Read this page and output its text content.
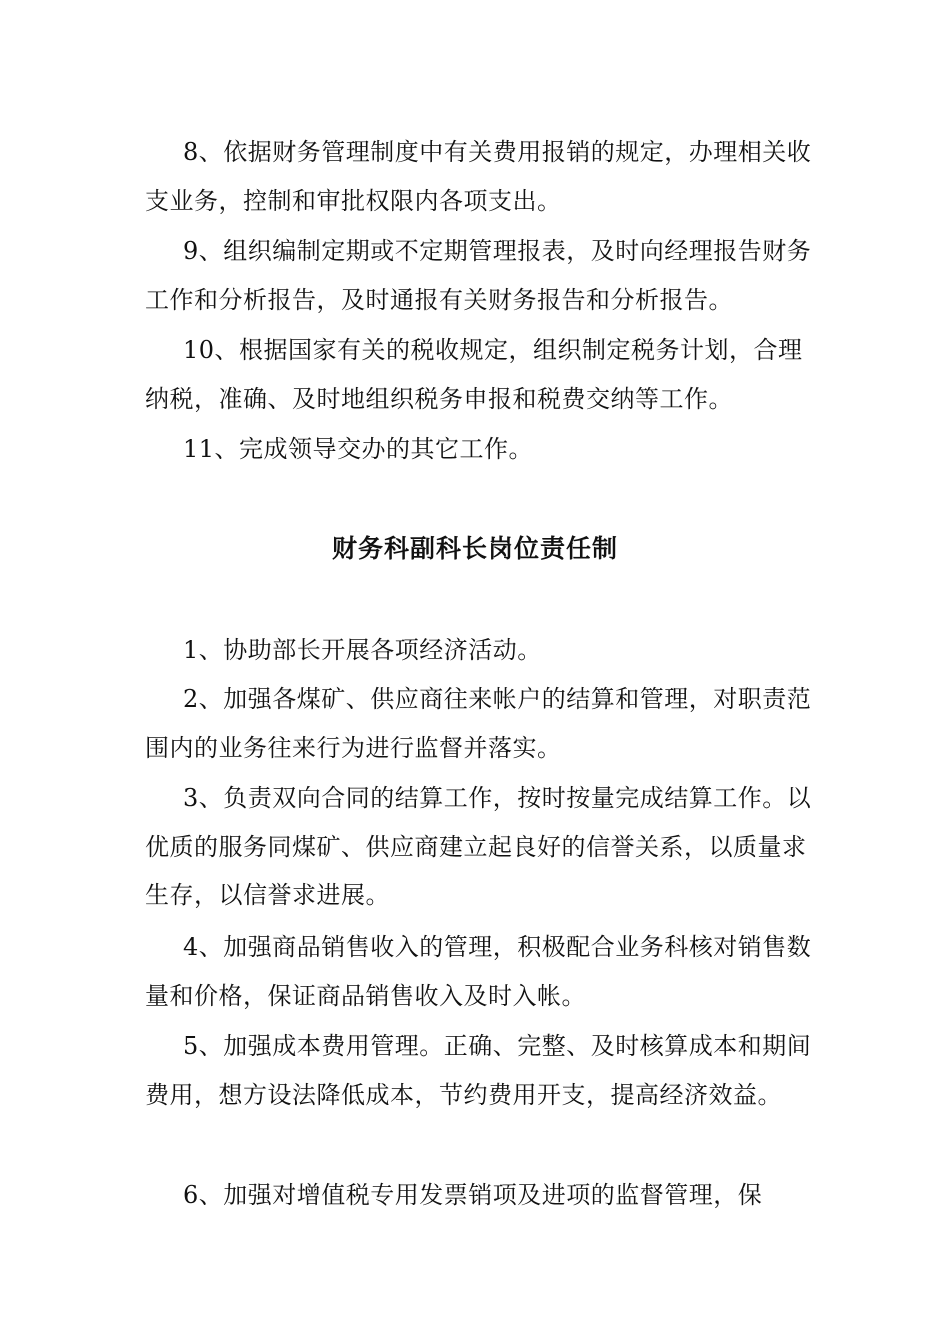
8、依据财务管理制度中有关费用报销的规定，办理相关收支业务，控制和审批权限内各项支出。

9、组织编制定期或不定期管理报表，及时向经理报告财务工作和分析报告，及时通报有关财务报告和分析报告。

10、根据国家有关的税收规定，组织制定税务计划，合理纳税，准确、及时地组织税务申报和税费交纳等工作。

11、完成领导交办的其它工作。

财务科副科长岗位责任制

1、协助部长开展各项经济活动。

2、加强各煤矿、供应商往来帐户的结算和管理，对职责范围内的业务往来行为进行监督并落实。

3、负责双向合同的结算工作，按时按量完成结算工作。以优质的服务同煤矿、供应商建立起良好的信誉关系，以质量求生存，以信誉求进展。

4、加强商品销售收入的管理，积极配合业务科核对销售数量和价格，保证商品销售收入及时入帐。

5、加强成本费用管理。正确、完整、及时核算成本和期间费用，想方设法降低成本，节约费用开支，提高经济效益。

6、加强对增值税专用发票销项及进项的监督管理，保
